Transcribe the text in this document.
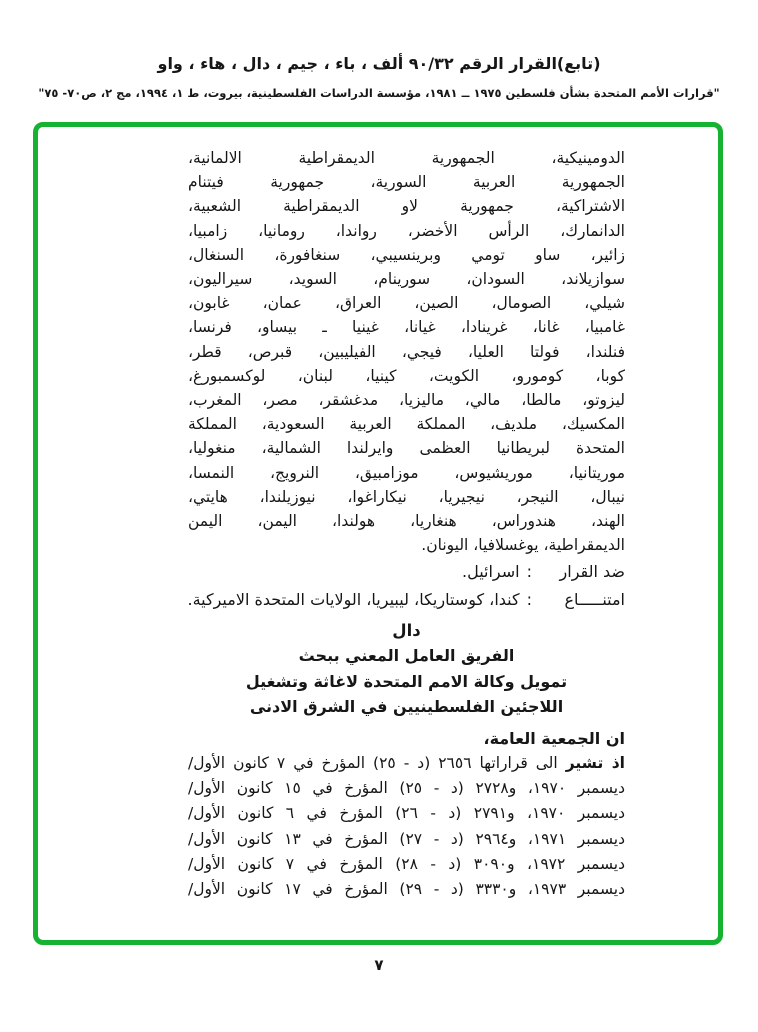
(تابع)القرار الرقم ٩٠/٣٢ ألف ، باء ، جيم ، دال ، هاء ، واو
"قرارات الأمم المتحدة بشأن فلسطين ١٩٧٥ ــ ١٩٨١، مؤسسة الدراسات الفلسطينية، بيروت، ط ١، ١٩٩٤، مج ٢، ص٧٠- ٧٥"
الدومينيكية، الجمهورية الديمقراطية الالمانية،
الجمهورية العربية السورية، جمهورية فيتنام
الاشتراكية، جمهورية لاو الديمقراطية الشعبية،
الدانمارك، الرأس الأخضر، رواندا، رومانيا، زامبيا،
زائير، ساو تومي وبرينسيبي، سنغافورة، السنغال،
سوازيلاند، السودان، سورينام، السويد، سيراليون،
شيلي، الصومال، الصين، العراق، عمان، غابون،
غامبيا، غانا، غرينادا، غيانا، غينيا ـ بيساو، فرنسا،
فنلندا، فولتا العليا، فيجي، الفيليبين، قبرص، قطر،
كوبا، كومورو، الكويت، كينيا، لبنان، لوكسمبورغ،
ليزوتو، مالطا، مالي، ماليزيا، مدغشقر، مصر، المغرب،
المكسيك، ملديف، المملكة العربية السعودية، المملكة
المتحدة لبريطانيا العظمى وايرلندا الشمالية، منغوليا،
موريتانيا، موريشيوس، موزامبيق، النرويج، النمسا،
نيبال، النيجر، نيجيريا، نيكاراغوا، نيوزيلندا، هايتي،
الهند، هندوراس، هنغاريا، هولندا، اليمن، اليمن
الديمقراطية، يوغسلافيا، اليونان.
ضد القرار
:
اسرائيل.
امتنـــــاع
:
كندا، كوستاريكا، ليبيريا، الولايات المتحدة الاميركية.
دال
الفريق العامل المعني ببحث
تمويل وكالة الامم المتحدة لاغاثة وتشغيل
اللاجئين الفلسطينيين في الشرق الادنى
ان الجمعية العامة،
اذ تشير الى قراراتها ٢٦٥٦ (د - ٢٥) المؤرخ في ٧ كانون الأول/
ديسمبر ١٩٧٠، و٢٧٢٨ (د - ٢٥) المؤرخ في ١٥ كانون الأول/
ديسمبر ١٩٧٠، و٢٧٩١ (د - ٢٦) المؤرخ في ٦ كانون الأول/
ديسمبر ١٩٧١، و٢٩٦٤ (د - ٢٧) المؤرخ في ١٣ كانون الأول/
ديسمبر ١٩٧٢، و٣٠٩٠ (د - ٢٨) المؤرخ في ٧ كانون الأول/
ديسمبر ١٩٧٣، و٣٣٣٠ (د - ٢٩) المؤرخ في ١٧ كانون الأول/
٧
